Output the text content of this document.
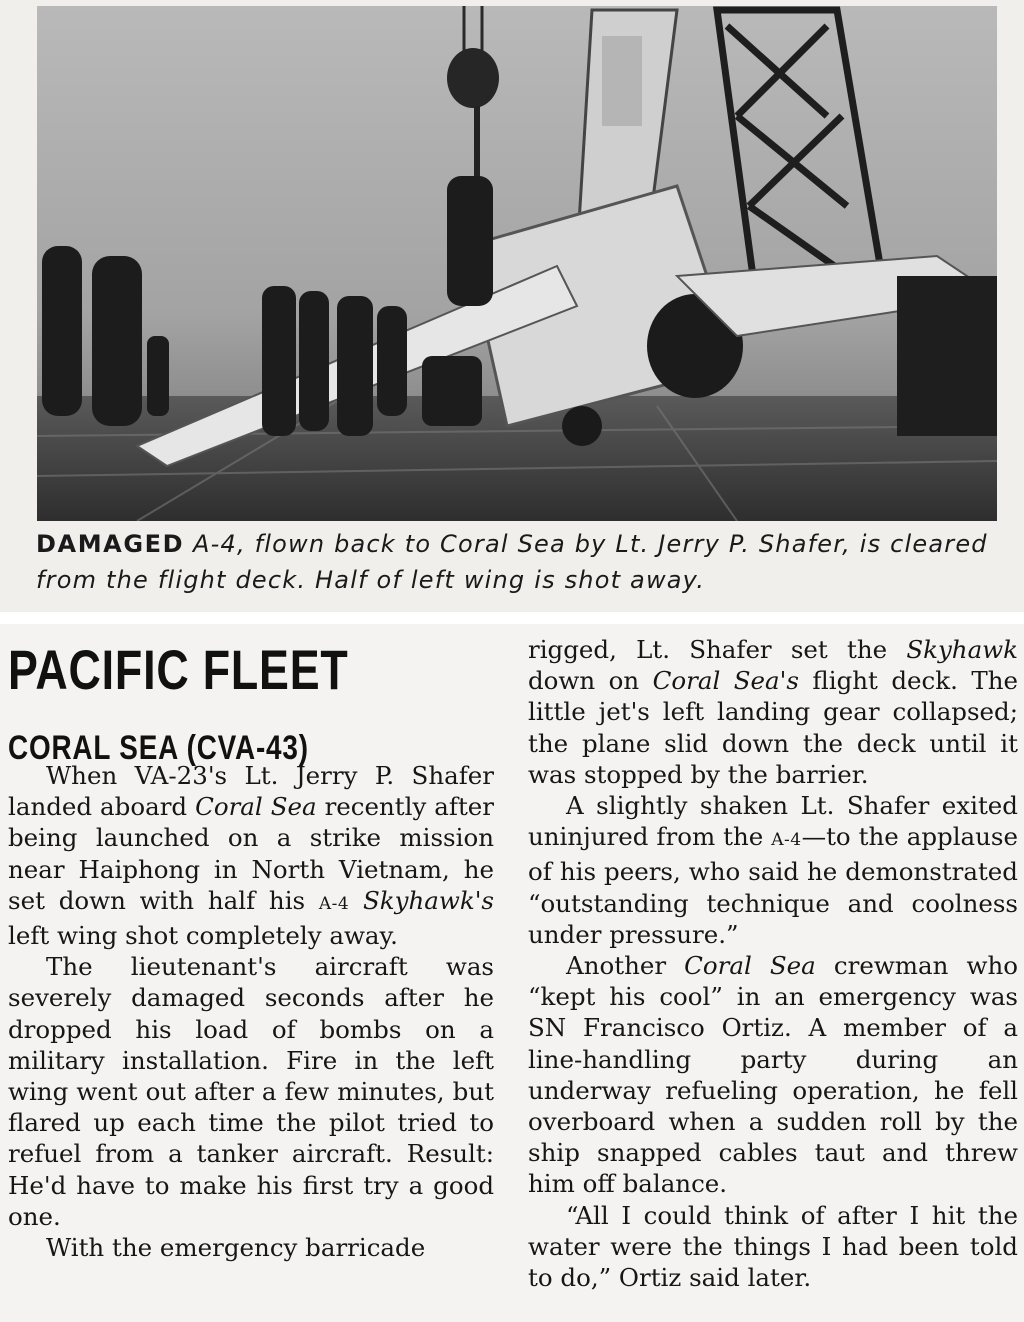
DAMAGED A-4, flown back to Coral Sea by Lt. Jerry P. Shafer, is cleared from the flight deck. Half of left wing is shot away.
PACIFIC FLEET
CORAL SEA (CVA-43)

When VA-23's Lt. Jerry P. Shafer landed aboard Coral Sea recently after being launched on a strike mission near Haiphong in North Vietnam, he set down with half his A-4 Skyhawk's left wing shot completely away.

The lieutenant's aircraft was severely damaged seconds after he dropped his load of bombs on a military installation. Fire in the left wing went out after a few minutes, but flared up each time the pilot tried to refuel from a tanker aircraft. Result: He'd have to make his first try a good one.

With the emergency barricade

rigged, Lt. Shafer set the Skyhawk down on Coral Sea's flight deck. The little jet's left landing gear collapsed; the plane slid down the deck until it was stopped by the barrier.

A slightly shaken Lt. Shafer exited uninjured from the A-4—to the applause of his peers, who said he demonstrated “outstanding technique and coolness under pressure.”

Another Coral Sea crewman who “kept his cool” in an emergency was SN Francisco Ortiz. A member of a line-handling party during an underway refueling operation, he fell overboard when a sudden roll by the ship snapped cables taut and threw him off balance.

“All I could think of after I hit the water were the things I had been told to do,” Ortiz said later.
